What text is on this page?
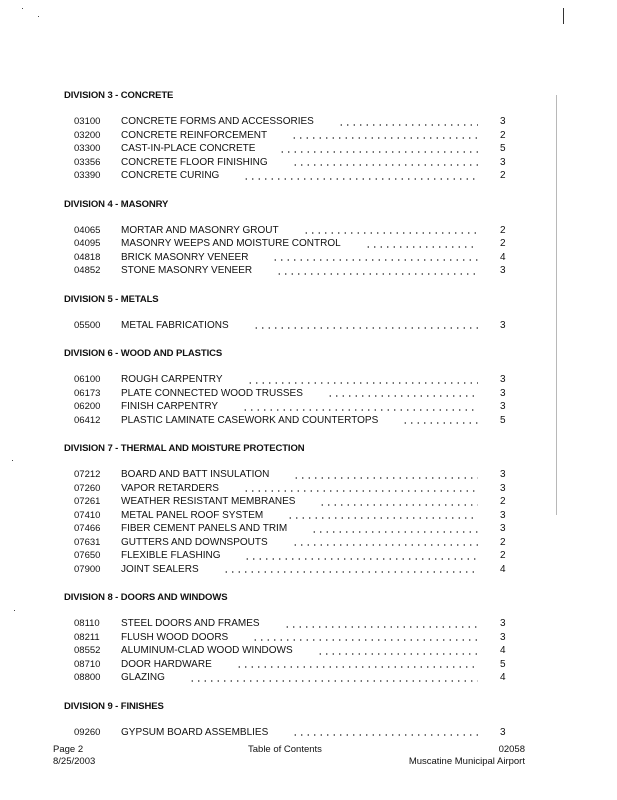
DIVISION 3 - CONCRETE
03100	CONCRETE FORMS AND ACCESSORIES	3
03200	CONCRETE REINFORCEMENT	2
03300	CAST-IN-PLACE CONCRETE	5
03356	CONCRETE FLOOR FINISHING	3
03390	CONCRETE CURING	2
DIVISION 4 - MASONRY
04065	MORTAR AND MASONRY GROUT	2
04095	MASONRY WEEPS AND MOISTURE CONTROL	2
04818	BRICK MASONRY VENEER	4
04852	STONE MASONRY VENEER	3
DIVISION 5 - METALS
05500	METAL FABRICATIONS	3
DIVISION 6 - WOOD AND PLASTICS
06100	ROUGH CARPENTRY	3
06173	PLATE CONNECTED WOOD TRUSSES	3
06200	FINISH CARPENTRY	3
06412	PLASTIC LAMINATE CASEWORK AND COUNTERTOPS	5
DIVISION 7 - THERMAL AND MOISTURE PROTECTION
07212	BOARD AND BATT INSULATION	3
07260	VAPOR RETARDERS	3
07261	WEATHER RESISTANT MEMBRANES	2
07410	METAL PANEL ROOF SYSTEM	3
07466	FIBER CEMENT PANELS AND TRIM	3
07631	GUTTERS AND DOWNSPOUTS	2
07650	FLEXIBLE FLASHING	2
07900	JOINT SEALERS	4
DIVISION 8 - DOORS AND WINDOWS
08110	STEEL DOORS AND FRAMES	3
08211	FLUSH WOOD DOORS	3
08552	ALUMINUM-CLAD WOOD WINDOWS	4
08710	DOOR HARDWARE	5
08800	GLAZING	4
DIVISION 9 - FINISHES
09260	GYPSUM BOARD ASSEMBLIES	3
Page 2
8/25/2003
Table of Contents	02058
Muscatine Municipal Airport
